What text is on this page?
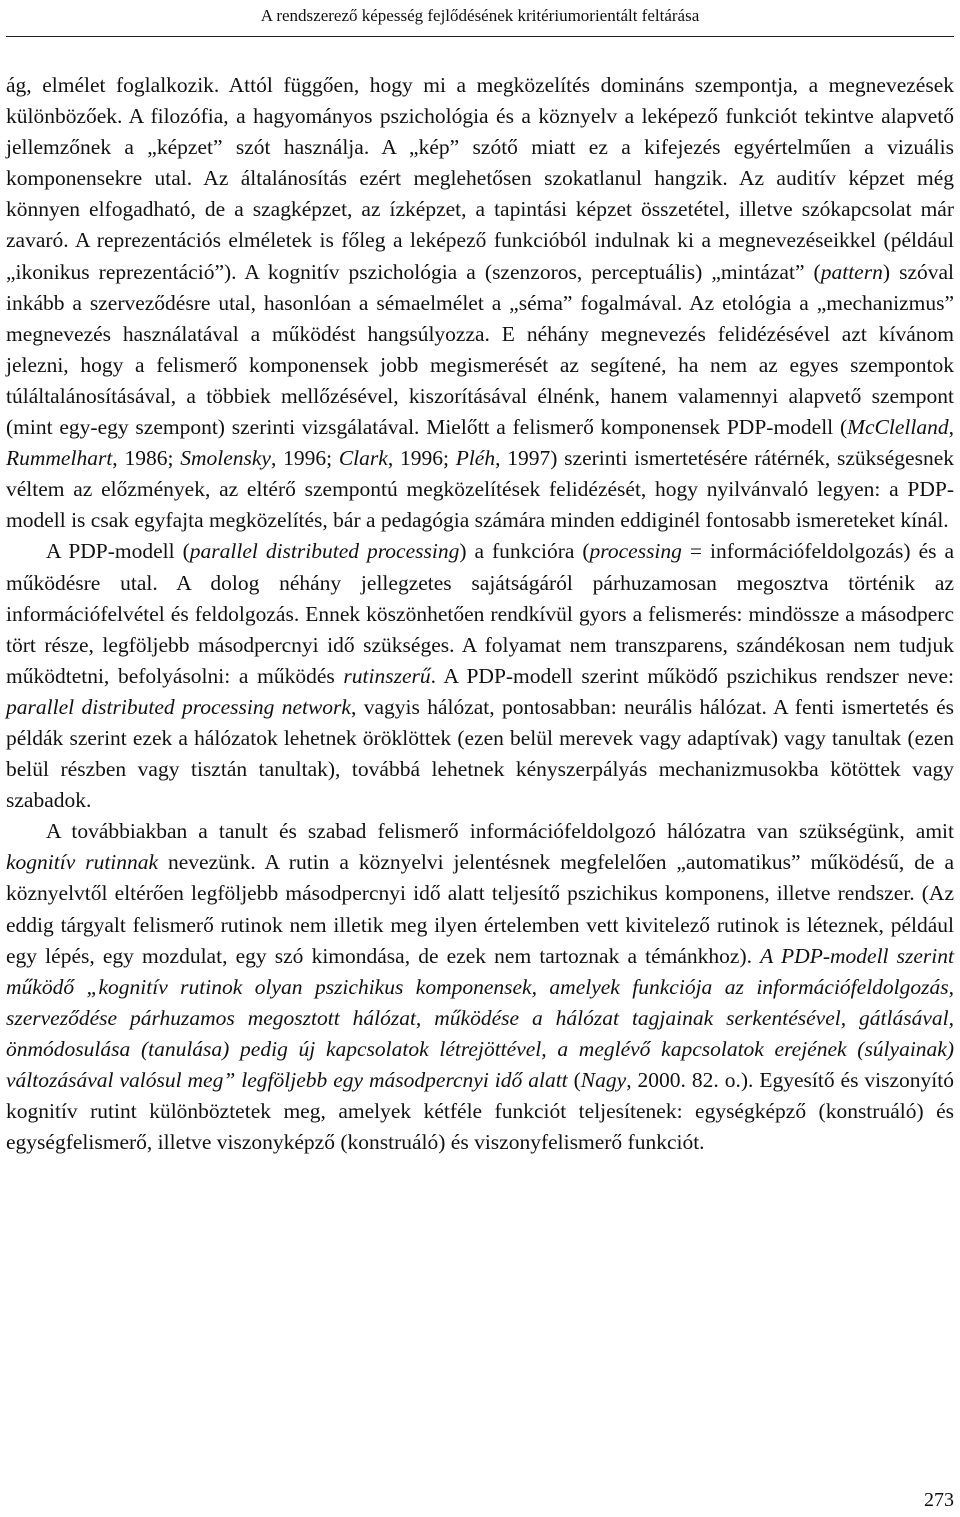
A rendszerező képesség fejlődésének kritériumorientált feltárása

ág, elmélet foglalkozik. Attól függően, hogy mi a megközelítés domináns szempontja, a megnevezések különbözőek. A filozófia, a hagyományos pszichológia és a köznyelv a leképező funkciót tekintve alapvető jellemzőnek a „képzet” szót használja. A „kép” szótő miatt ez a kifejezés egyértelműen a vizuális komponensekre utal. Az általánosítás ezért meglehetősen szokatlanul hangzik. Az auditív képzet még könnyen elfogadható, de a szagképzet, az ízképzet, a tapintási képzet összetétel, illetve szókapcsolat már zavaró. A reprezentációs elméletek is főleg a leképező funkcióból indulnak ki a megnevezéseikkel (például „ikonikus reprezentáció”). A kognitív pszichológia a (szenzoros, perceptuális) „mintázat” (pattern) szóval inkább a szerveződésre utal, hasonlóan a sémaelmélet a „séma” fogalmával. Az etológia a „mechanizmus” megnevezés használatával a működést hangsúlyozza. E néhány megnevezés felidézésével azt kívánom jelezni, hogy a felismerő komponensek jobb megismerését az segítené, ha nem az egyes szempontok túláltalánosításával, a többiek mellőzésével, kiszorításával élnénk, hanem valamennyi alapvető szempont (mint egy-egy szempont) szerinti vizsgálatával. Mielőtt a felismerő komponensek PDP-modell (McClelland, Rummelhart, 1986; Smolensky, 1996; Clark, 1996; Pléh, 1997) szerinti ismertetésére rátérnék, szükségesnek véltem az előzmények, az eltérő szempontú megközelítések felidézését, hogy nyilvánvaló legyen: a PDP-modell is csak egyfajta megközelítés, bár a pedagógia számára minden eddiginél fontosabb ismereteket kínál.

A PDP-modell (parallel distributed processing) a funkcióra (processing = információfeldolgozás) és a működésre utal. A dolog néhány jellegzetes sajátságáról párhuzamosan megosztva történik az információfelvétel és feldolgozás. Ennek köszönhetően rendkívül gyors a felismerés: mindössze a másodperc tört része, legföljebb másodpercnyi idő szükséges. A folyamat nem transzparens, szándékosan nem tudjuk működtetni, befolyásolni: a működés rutinszerű. A PDP-modell szerint működő pszichikus rendszer neve: parallel distributed processing network, vagyis hálózat, pontosabban: neurális hálózat. A fenti ismertetés és példák szerint ezek a hálózatok lehetnek öröklöttek (ezen belül merevek vagy adaptívak) vagy tanultak (ezen belül részben vagy tisztán tanultak), továbbá lehetnek kényszerpályás mechanizmusokba kötöttek vagy szabadok.

A továbbiakban a tanult és szabad felismerő információfeldolgozó hálózatra van szükségünk, amit kognitív rutinnak nevezünk. A rutin a köznyelvi jelentésnek megfelelően „automatikus” működésű, de a köznyelvtől eltérően legföljebb másodpercnyi idő alatt teljesítő pszichikus komponens, illetve rendszer. (Az eddig tárgyalt felismerő rutinok nem illetik meg ilyen értelemben vett kivitelező rutinok is léteznek, például egy lépés, egy mozdulat, egy szó kimondása, de ezek nem tartoznak a témánkhoz). A PDP-modell szerint működő „kognitív rutinok olyan pszichikus komponensek, amelyek funkciója az információfeldolgozás, szerveződése párhuzamos megosztott hálózat, működése a hálózat tagjainak serkentésével, gátlásával, önmódosulása (tanulása) pedig új kapcsolatok létrejöttével, a meglévő kapcsolatok erejének (súlyainak) változásával valósul meg” legföljebb egy másodpercnyi idő alatt (Nagy, 2000. 82. o.). Egyesítő és viszonyító kognitív rutint különböztetek meg, amelyek kétféle funkciót teljesítenek: egységképző (konstruáló) és egységfelismerő, illetve viszonyképző (konstruáló) és viszonyfelismerő funkciót.

273
